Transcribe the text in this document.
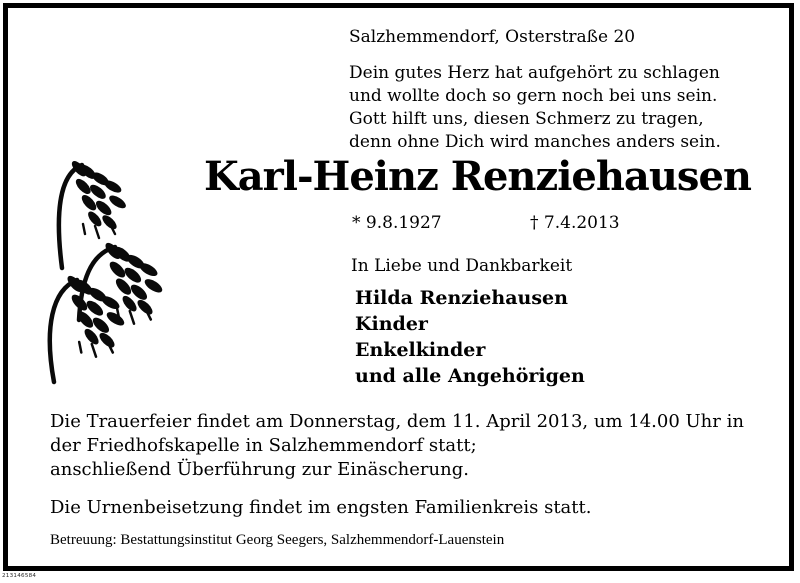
Salzhemmendorf, Osterstraße 20
Dein gutes Herz hat aufgehört zu schlagen
und wollte doch so gern noch bei uns sein.
Gott hilft uns, diesen Schmerz zu tragen,
denn ohne Dich wird manches anders sein.
Karl-Heinz Renziehausen
* 9.8.1927	† 7.4.2013
In Liebe und Dankbarkeit
Hilda Renziehausen
Kinder
Enkelkinder
und alle Angehörigen
Die Trauerfeier findet am Donnerstag, dem 11. April 2013, um 14.00 Uhr in
der Friedhofskapelle in Salzhemmendorf statt;
anschließend Überführung zur Einäscherung.
Die Urnenbeisetzung findet im engsten Familienkreis statt.
Betreuung: Bestattungsinstitut Georg Seegers, Salzhemmendorf-Lauenstein
213146584
